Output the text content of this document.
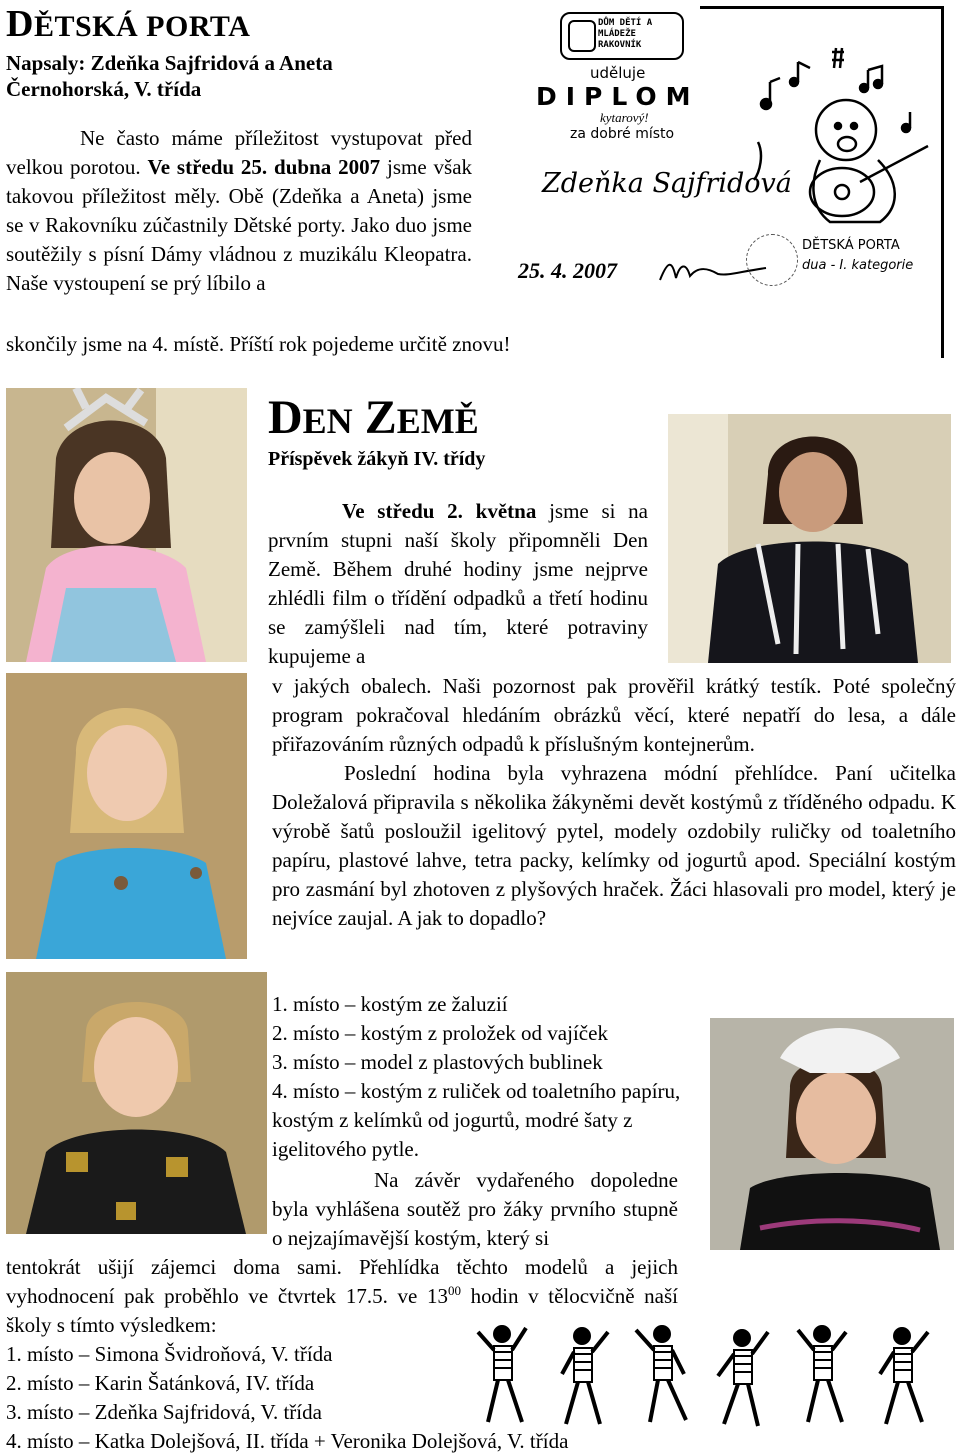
DĚTSKÁ PORTA
Napsaly: Zdeňka Sajfridová a Aneta Černohorská, V. třída
Ne často máme příležitost vystupovat před velkou porotou. Ve středu 25. dubna 2007 jsme však takovou příležitost měly. Obě (Zdeňka a Aneta) jsme se v Rakovníku zúčastnily Dětské porty. Jako duo jsme soutěžily s písní Dámy vládnou z muzikálu Kleopatra. Naše vystoupení se prý líbilo a
skončily jsme na 4. místě. Příští rok pojedeme určitě znovu!
DŮM DĚTÍ A MLÁDEŽE RAKOVNÍK
uděluje
DIPLOM
kytarový!
za dobré místo
Zdeňka Sajfridová
25. 4. 2007
DĚTSKÁ PORTA
dua - I. kategorie
DEN ZEMĚ
Příspěvek žákyň IV. třídy
Ve středu 2. května jsme si na prvním stupni naší školy připomněli Den Země. Během druhé hodiny jsme nejprve zhlédli film o třídění odpadků a třetí hodinu se zamýšleli nad tím, které potraviny kupujeme a
v jakých obalech. Naši pozornost pak prověřil krátký testík. Poté společný program pokračoval hledáním obrázků věcí, které nepatří do lesa, a dále přiřazováním různých odpadů k příslušným kontejnerům.
Poslední hodina byla vyhrazena módní přehlídce. Paní učitelka Doležalová připravila s několika žákyněmi devět kostýmů z tříděného odpadu. K výrobě šatů posloužil igelitový pytel, modely ozdobily ruličky od toaletního papíru, plastové lahve, tetra packy, kelímky od jogurtů apod. Speciální kostým pro zasmání byl zhotoven z plyšových hraček. Žáci hlasovali pro model, který je nejvíce zaujal. A jak to dopadlo?
1. místo – kostým ze žaluzií
2. místo – kostým z proložek od vajíček
3. místo – model z plastových bublinek
4. místo – kostým z ruliček od toaletního papíru, kostým z kelímků od jogurtů, modré šaty z igelitového pytle.
Na závěr vydařeného dopoledne byla vyhlášena soutěž pro žáky prvního stupně o nejzajímavější kostým, který si
tentokrát ušijí zájemci doma sami. Přehlídka těchto modelů a jejich vyhodnocení pak proběhlo ve čtvrtek 17.5. ve $13^{00}$ hodin v tělocvičně naší školy s tímto výsledkem:
1. místo – Simona Švidroňová, V. třída
2. místo – Karin Šatánková, IV. třída
3. místo – Zdeňka Sajfridová, V. třída
4. místo – Katka Dolejšová, II. třída + Veronika Dolejšová, V. třída
